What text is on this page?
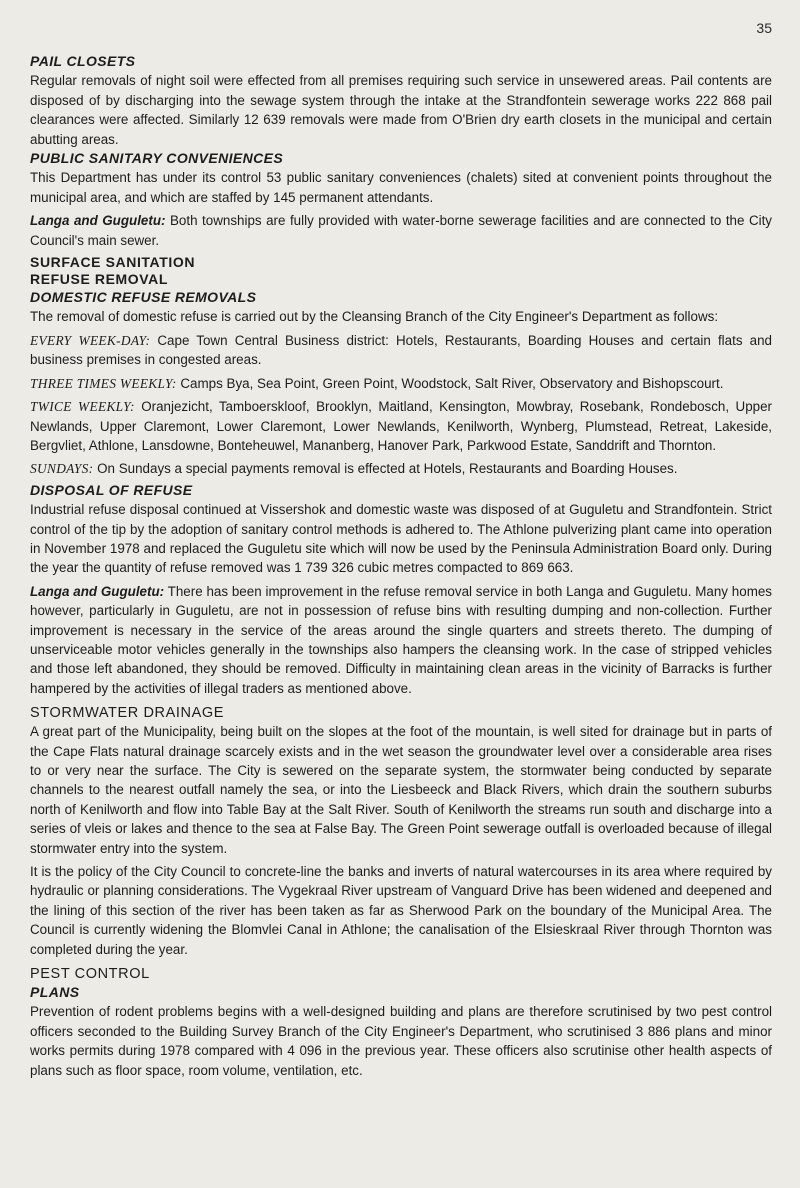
35

PAIL CLOSETS

Regular removals of night soil were effected from all premises requiring such service in unsewered areas. Pail contents are disposed of by discharging into the sewage system through the intake at the Strandfontein sewerage works 222 868 pail clearances were affected. Similarly 12 639 removals were made from O'Brien dry earth closets in the municipal and certain abutting areas.

PUBLIC SANITARY CONVENIENCES

This Department has under its control 53 public sanitary conveniences (chalets) sited at convenient points throughout the municipal area, and which are staffed by 145 permanent attendants.

Langa and Guguletu: Both townships are fully provided with water-borne sewerage facilities and are connected to the City Council's main sewer.

SURFACE SANITATION

REFUSE REMOVAL

DOMESTIC REFUSE REMOVALS

The removal of domestic refuse is carried out by the Cleansing Branch of the City Engineer's Department as follows:

EVERY WEEK-DAY: Cape Town Central Business district: Hotels, Restaurants, Boarding Houses and certain flats and business premises in congested areas.

THREE TIMES WEEKLY: Camps Bya, Sea Point, Green Point, Woodstock, Salt River, Observatory and Bishopscourt.

TWICE WEEKLY: Oranjezicht, Tamboerskloof, Brooklyn, Maitland, Kensington, Mowbray, Rosebank, Rondebosch, Upper Newlands, Upper Claremont, Lower Claremont, Lower Newlands, Kenilworth, Wynberg, Plumstead, Retreat, Lakeside, Bergvliet, Athlone, Lansdowne, Bonteheuwel, Mananberg, Hanover Park, Parkwood Estate, Sanddrift and Thornton.

SUNDAYS: On Sundays a special payments removal is effected at Hotels, Restaurants and Boarding Houses.

DISPOSAL OF REFUSE

Industrial refuse disposal continued at Vissershok and domestic waste was disposed of at Guguletu and Strandfontein. Strict control of the tip by the adoption of sanitary control methods is adhered to. The Athlone pulverizing plant came into operation in November 1978 and replaced the Guguletu site which will now be used by the Peninsula Administration Board only. During the year the quantity of refuse removed was 1 739 326 cubic metres compacted to 869 663.

Langa and Guguletu: There has been improvement in the refuse removal service in both Langa and Guguletu. Many homes however, particularly in Guguletu, are not in possession of refuse bins with resulting dumping and non-collection. Further improvement is necessary in the service of the areas around the single quarters and streets thereto. The dumping of unserviceable motor vehicles generally in the townships also hampers the cleansing work. In the case of stripped vehicles and those left abandoned, they should be removed. Difficulty in maintaining clean areas in the vicinity of Barracks is further hampered by the activities of illegal traders as mentioned above.

STORMWATER DRAINAGE

A great part of the Municipality, being built on the slopes at the foot of the mountain, is well sited for drainage but in parts of the Cape Flats natural drainage scarcely exists and in the wet season the groundwater level over a considerable area rises to or very near the surface. The City is sewered on the separate system, the stormwater being conducted by separate channels to the nearest outfall namely the sea, or into the Liesbeeck and Black Rivers, which drain the southern suburbs north of Kenilworth and flow into Table Bay at the Salt River. South of Kenilworth the streams run south and discharge into a series of vleis or lakes and thence to the sea at False Bay. The Green Point sewerage outfall is overloaded because of illegal stormwater entry into the system.

It is the policy of the City Council to concrete-line the banks and inverts of natural watercourses in its area where required by hydraulic or planning considerations. The Vygekraal River upstream of Vanguard Drive has been widened and deepened and the lining of this section of the river has been taken as far as Sherwood Park on the boundary of the Municipal Area. The Council is currently widening the Blomvlei Canal in Athlone; the canalisation of the Elsieskraal River through Thornton was completed during the year.

PEST CONTROL

PLANS

Prevention of rodent problems begins with a well-designed building and plans are therefore scrutinised by two pest control officers seconded to the Building Survey Branch of the City Engineer's Department, who scrutinised 3 886 plans and minor works permits during 1978 compared with 4 096 in the previous year. These officers also scrutinise other health aspects of plans such as floor space, room volume, ventilation, etc.
